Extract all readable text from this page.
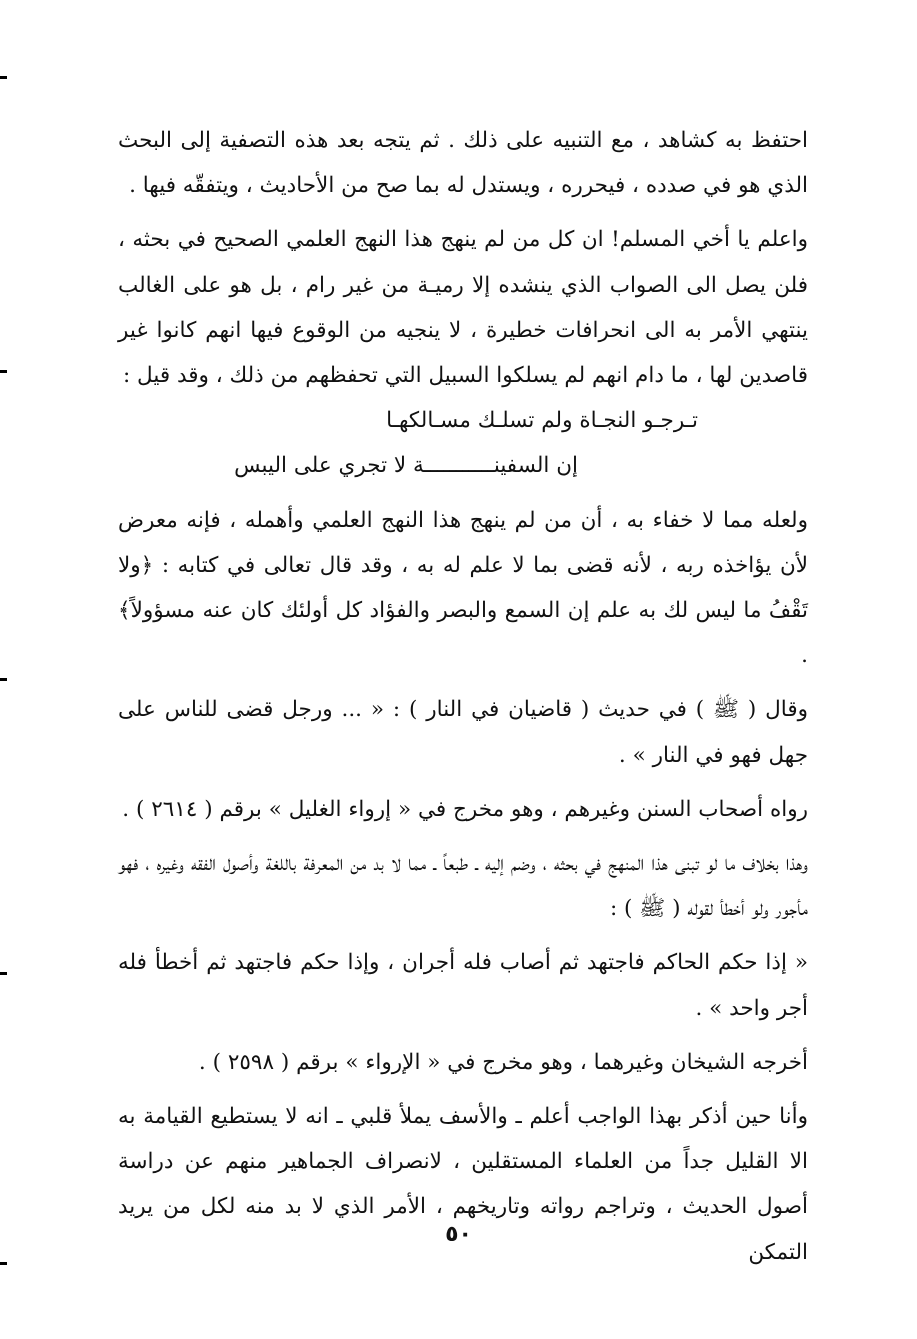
احتفظ به كشاهد ، مع التنبيه على ذلك . ثم يتجه بعد هذه التصفية إلى البحث الذي هو في صدده ، فيحرره ، ويستدل له بما صح من الأحاديث ، ويتفقّه فيها .

واعلم يا أخي المسلم! ان كل من لم ينهج هذا النهج العلمي الصحيح في بحثه ، فلن يصل الى الصواب الذي ينشده إلا رميـة من غير رام ، بل هو على الغالب ينتهي الأمر به الى انحرافات خطيرة ، لا ينجيه من الوقوع فيها انهم كانوا غير قاصدين لها ، ما دام انهم لم يسلكوا السبيل التي تحفظهم من ذلك ، وقد قيل :

تـرجـو النجـاة ولم تسلـك مسـالكهـا
إن السفينـــــــــــة لا تجري على اليبس

ولعله مما لا خفاء به ، أن من لم ينهج هذا النهج العلمي وأهمله ، فإنه معرض لأن يؤاخذه ربه ، لأنه قضى بما لا علم له به ، وقد قال تعالى في كتابه : ﴿ولا تَقْفُ ما ليس لك به علم إن السمع والبصر والفؤاد كل أولئك كان عنه مسؤولاً﴾ .

وقال ( ﷺ ) في حديث ( قاضيان في النار ) : « ... ورجل قضى للناس على جهل فهو في النار » .

رواه أصحاب السنن وغيرهم ، وهو مخرج في « إرواء الغليل » برقم ( ٢٦١٤ ) .

وهذا بخلاف ما لو تبنى هذا المنهج في بحثه ، وضم إليه ـ طبعاً ـ مما لا بد من المعرفة باللغة وأصول الفقه وغيره ، فهو مأجور ولو أخطأ لقوله ( ﷺ ) :

« إذا حكم الحاكم فاجتهد ثم أصاب فله أجران ، وإذا حكم فاجتهد ثم أخطأ فله أجر واحد » .

أخرجه الشيخان وغيرهما ، وهو مخرج في « الإرواء » برقم ( ٢٥٩٨ ) .

وأنا حين أذكر بهذا الواجب أعلم ـ والأسف يملأ قلبي ـ انه لا يستطيع القيامة به الا القليل جداً من العلماء المستقلين ، لانصراف الجماهير منهم عن دراسة أصول الحديث ، وتراجم رواته وتاريخهم ، الأمر الذي لا بد منه لكل من يريد التمكن

٥٠
